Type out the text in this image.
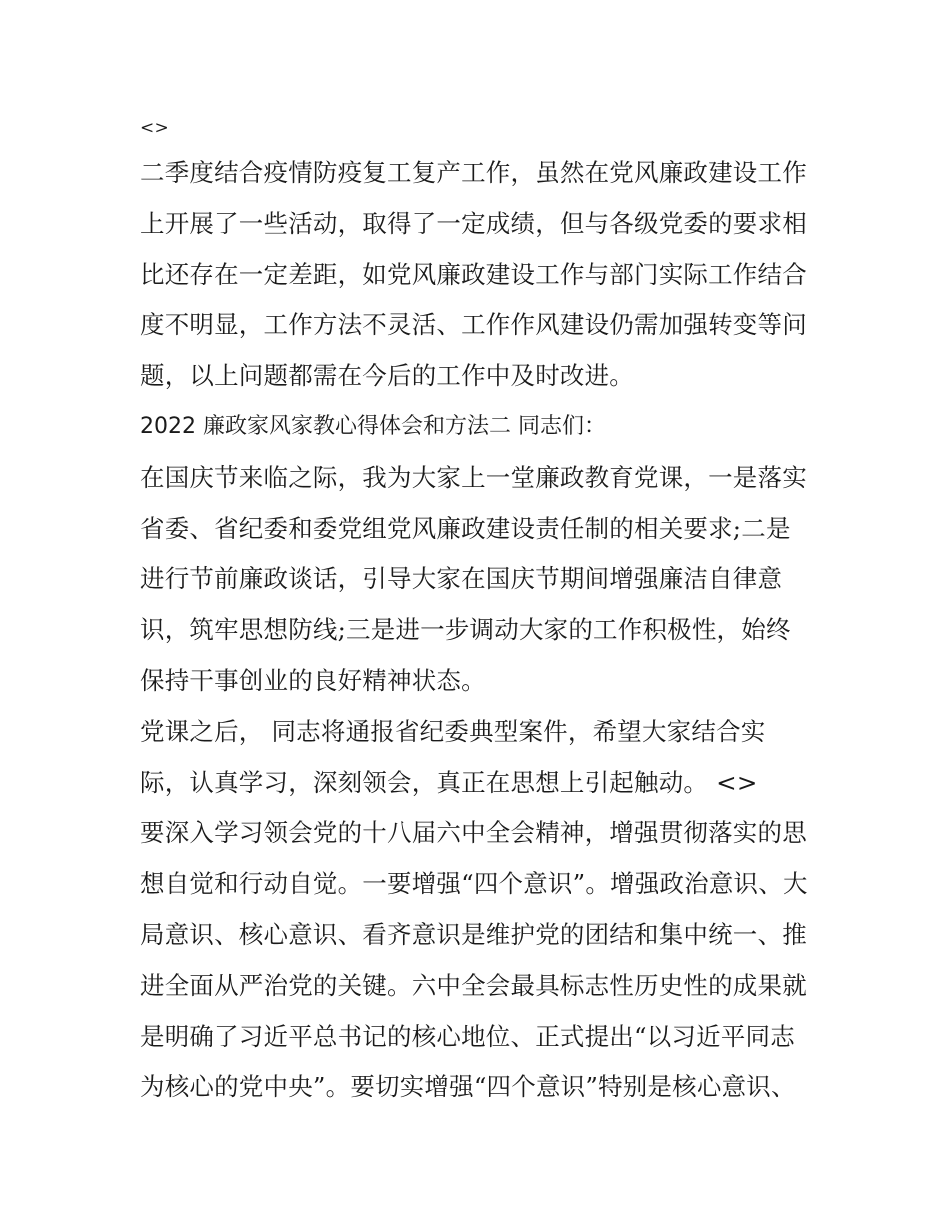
<>
二季度结合疫情防疫复工复产工作，虽然在党风廉政建设工作
上开展了一些活动，取得了一定成绩，但与各级党委的要求相
比还存在一定差距，如党风廉政建设工作与部门实际工作结合
度不明显，工作方法不灵活、工作作风建设仍需加强转变等问
题，以上问题都需在今后的工作中及时改进。
2022 廉政家风家教心得体会和方法二 同志们：
在国庆节来临之际，我为大家上一堂廉政教育党课，一是落实
省委、省纪委和委党组党风廉政建设责任制的相关要求;二是
进行节前廉政谈话，引导大家在国庆节期间增强廉洁自律意
识，筑牢思想防线;三是进一步调动大家的工作积极性，始终
保持干事创业的良好精神状态。
党课之后， 同志将通报省纪委典型案件，希望大家结合实
际，认真学习，深刻领会，真正在思想上引起触动。 <>
要深入学习领会党的十八届六中全会精神，增强贯彻落实的思
想自觉和行动自觉。一要增强“四个意识”。增强政治意识、大
局意识、核心意识、看齐意识是维护党的团结和集中统一、推
进全面从严治党的关键。六中全会最具标志性历史性的成果就
是明确了习近平总书记的核心地位、正式提出“以习近平同志
为核心的党中央”。要切实增强“四个意识”特别是核心意识、
